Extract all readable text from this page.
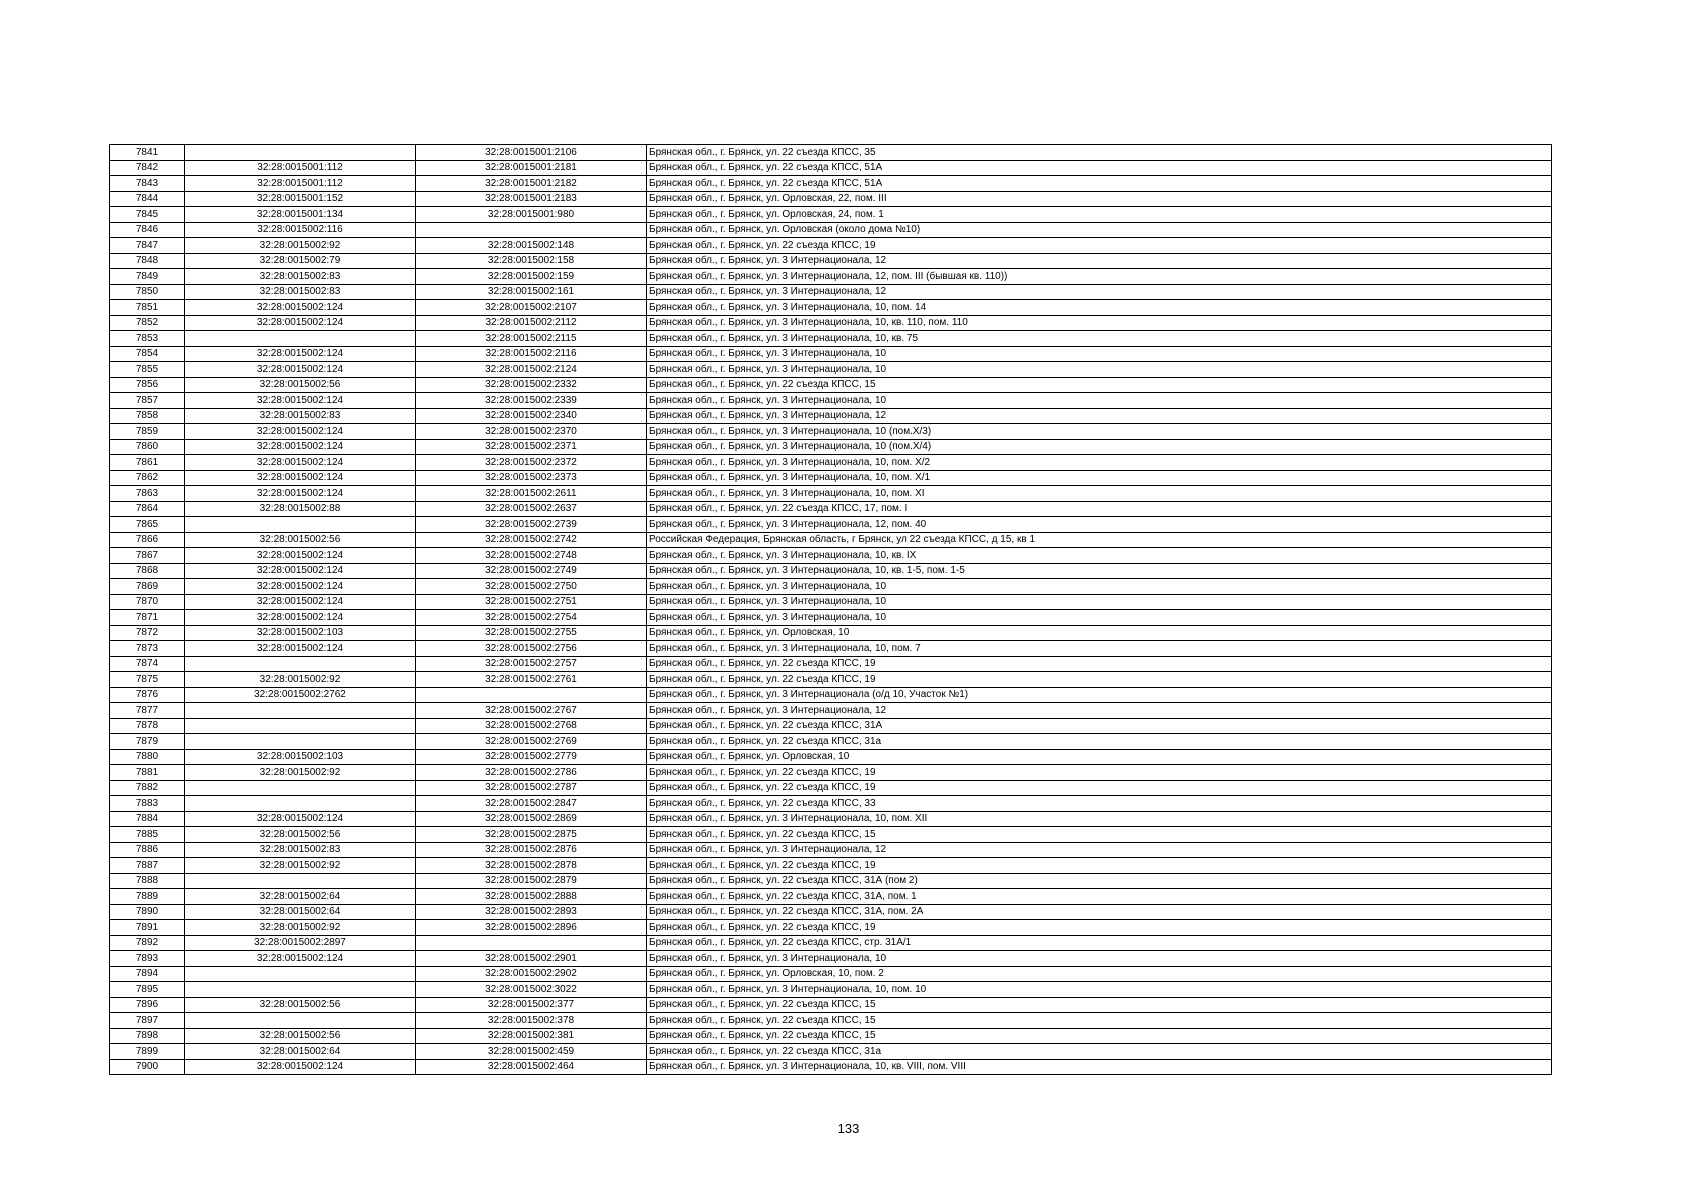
7841		32:28:0015001:2106	Брянская обл., г. Брянск, ул. 22 съезда КПСС, 35
7842	32:28:0015001:112	32:28:0015001:2181	Брянская обл., г. Брянск, ул. 22 съезда КПСС, 51А
7843	32:28:0015001:112	32:28:0015001:2182	Брянская обл., г. Брянск, ул. 22 съезда КПСС, 51А
7844	32:28:0015001:152	32:28:0015001:2183	Брянская обл., г. Брянск, ул. Орловская, 22, пом. III
7845	32:28:0015001:134	32:28:0015001:980	Брянская обл., г. Брянск, ул. Орловская, 24, пом. 1
7846	32:28:0015002:116		Брянская обл., г. Брянск, ул. Орловская (около дома №10)
7847	32:28:0015002:92	32:28:0015002:148	Брянская обл., г. Брянск, ул. 22 съезда КПСС, 19
7848	32:28:0015002:79	32:28:0015002:158	Брянская обл., г. Брянск, ул. 3 Интернационала, 12
7849	32:28:0015002:83	32:28:0015002:159	Брянская обл., г. Брянск, ул. 3 Интернационала, 12, пом. III (бывшая кв. 110))
7850	32:28:0015002:83	32:28:0015002:161	Брянская обл., г. Брянск, ул. 3 Интернационала, 12
7851	32:28:0015002:124	32:28:0015002:2107	Брянская обл., г. Брянск, ул. 3 Интернационала, 10, пом. 14
7852	32:28:0015002:124	32:28:0015002:2112	Брянская обл., г. Брянск, ул. 3 Интернационала, 10, кв. 110, пом. 110
7853		32:28:0015002:2115	Брянская обл., г. Брянск, ул. 3 Интернационала, 10, кв. 75
7854	32:28:0015002:124	32:28:0015002:2116	Брянская обл., г. Брянск, ул. 3 Интернационала, 10
7855	32:28:0015002:124	32:28:0015002:2124	Брянская обл., г. Брянск, ул. 3 Интернационала, 10
7856	32:28:0015002:56	32:28:0015002:2332	Брянская обл., г. Брянск, ул. 22 съезда КПСС, 15
7857	32:28:0015002:124	32:28:0015002:2339	Брянская обл., г. Брянск, ул. 3 Интернационала, 10
7858	32:28:0015002:83	32:28:0015002:2340	Брянская обл., г. Брянск, ул. 3 Интернационала, 12
7859	32:28:0015002:124	32:28:0015002:2370	Брянская обл., г. Брянск, ул. 3 Интернационала, 10 (пом.Х/3)
7860	32:28:0015002:124	32:28:0015002:2371	Брянская обл., г. Брянск, ул. 3 Интернационала, 10 (пом.Х/4)
7861	32:28:0015002:124	32:28:0015002:2372	Брянская обл., г. Брянск, ул. 3 Интернационала, 10, пом. Х/2
7862	32:28:0015002:124	32:28:0015002:2373	Брянская обл., г. Брянск, ул. 3 Интернационала, 10, пом. Х/1
7863	32:28:0015002:124	32:28:0015002:2611	Брянская обл., г. Брянск, ул. 3 Интернационала, 10, пом. XI
7864	32:28:0015002:88	32:28:0015002:2637	Брянская обл., г. Брянск, ул. 22 съезда КПСС, 17, пом. I
7865		32:28:0015002:2739	Брянская обл., г. Брянск, ул. 3 Интернационала, 12, пом. 40
7866	32:28:0015002:56	32:28:0015002:2742	Российская Федерация, Брянская область, г Брянск, ул 22 съезда КПСС, д 15, кв 1
7867	32:28:0015002:124	32:28:0015002:2748	Брянская обл., г. Брянск, ул. 3 Интернационала, 10, кв. IX
7868	32:28:0015002:124	32:28:0015002:2749	Брянская обл., г. Брянск, ул. 3 Интернационала, 10, кв. 1-5, пом. 1-5
7869	32:28:0015002:124	32:28:0015002:2750	Брянская обл., г. Брянск, ул. 3 Интернационала, 10
7870	32:28:0015002:124	32:28:0015002:2751	Брянская обл., г. Брянск, ул. 3 Интернационала, 10
7871	32:28:0015002:124	32:28:0015002:2754	Брянская обл., г. Брянск, ул. 3 Интернационала, 10
7872	32:28:0015002:103	32:28:0015002:2755	Брянская обл., г. Брянск, ул. Орловская, 10
7873	32:28:0015002:124	32:28:0015002:2756	Брянская обл., г. Брянск, ул. 3 Интернационала, 10, пом. 7
7874		32:28:0015002:2757	Брянская обл., г. Брянск, ул. 22 съезда КПСС, 19
7875	32:28:0015002:92	32:28:0015002:2761	Брянская обл., г. Брянск, ул. 22 съезда КПСС, 19
7876	32:28:0015002:2762		Брянская обл., г. Брянск, ул. 3 Интернационала (о/д 10, Участок №1)
7877		32:28:0015002:2767	Брянская обл., г. Брянск, ул. 3 Интернационала, 12
7878		32:28:0015002:2768	Брянская обл., г. Брянск, ул. 22 съезда КПСС, 31А
7879		32:28:0015002:2769	Брянская обл., г. Брянск, ул. 22 съезда КПСС, 31а
7880	32:28:0015002:103	32:28:0015002:2779	Брянская обл., г. Брянск, ул. Орловская, 10
7881	32:28:0015002:92	32:28:0015002:2786	Брянская обл., г. Брянск, ул. 22 съезда КПСС, 19
7882		32:28:0015002:2787	Брянская обл., г. Брянск, ул. 22 съезда КПСС, 19
7883		32:28:0015002:2847	Брянская обл., г. Брянск, ул. 22 съезда КПСС, 33
7884	32:28:0015002:124	32:28:0015002:2869	Брянская обл., г. Брянск, ул. 3 Интернационала, 10, пом. XII
7885	32:28:0015002:56	32:28:0015002:2875	Брянская обл., г. Брянск, ул. 22 съезда КПСС, 15
7886	32:28:0015002:83	32:28:0015002:2876	Брянская обл., г. Брянск, ул. 3 Интернационала, 12
7887	32:28:0015002:92	32:28:0015002:2878	Брянская обл., г. Брянск, ул. 22 съезда КПСС, 19
7888		32:28:0015002:2879	Брянская обл., г. Брянск, ул. 22 съезда КПСС, 31А (пом 2)
7889	32:28:0015002:64	32:28:0015002:2888	Брянская обл., г. Брянск, ул. 22 съезда КПСС, 31А, пом. 1
7890	32:28:0015002:64	32:28:0015002:2893	Брянская обл., г. Брянск, ул. 22 съезда КПСС, 31А, пом. 2А
7891	32:28:0015002:92	32:28:0015002:2896	Брянская обл., г. Брянск, ул. 22 съезда КПСС, 19
7892	32:28:0015002:2897		Брянская обл., г. Брянск, ул. 22 съезда КПСС, стр. 31А/1
7893	32:28:0015002:124	32:28:0015002:2901	Брянская обл., г. Брянск, ул. 3 Интернационала, 10
7894		32:28:0015002:2902	Брянская обл., г. Брянск, ул. Орловская, 10, пом. 2
7895		32:28:0015002:3022	Брянская обл., г. Брянск, ул. 3 Интернационала, 10, пом. 10
7896	32:28:0015002:56	32:28:0015002:377	Брянская обл., г. Брянск, ул. 22 съезда КПСС, 15
7897		32:28:0015002:378	Брянская обл., г. Брянск, ул. 22 съезда КПСС, 15
7898	32:28:0015002:56	32:28:0015002:381	Брянская обл., г. Брянск, ул. 22 съезда КПСС, 15
7899	32:28:0015002:64	32:28:0015002:459	Брянская обл., г. Брянск, ул. 22 съезда КПСС, 31а
7900	32:28:0015002:124	32:28:0015002:464	Брянская обл., г. Брянск, ул. 3 Интернационала, 10, кв. VIII, пом. VIII
133
